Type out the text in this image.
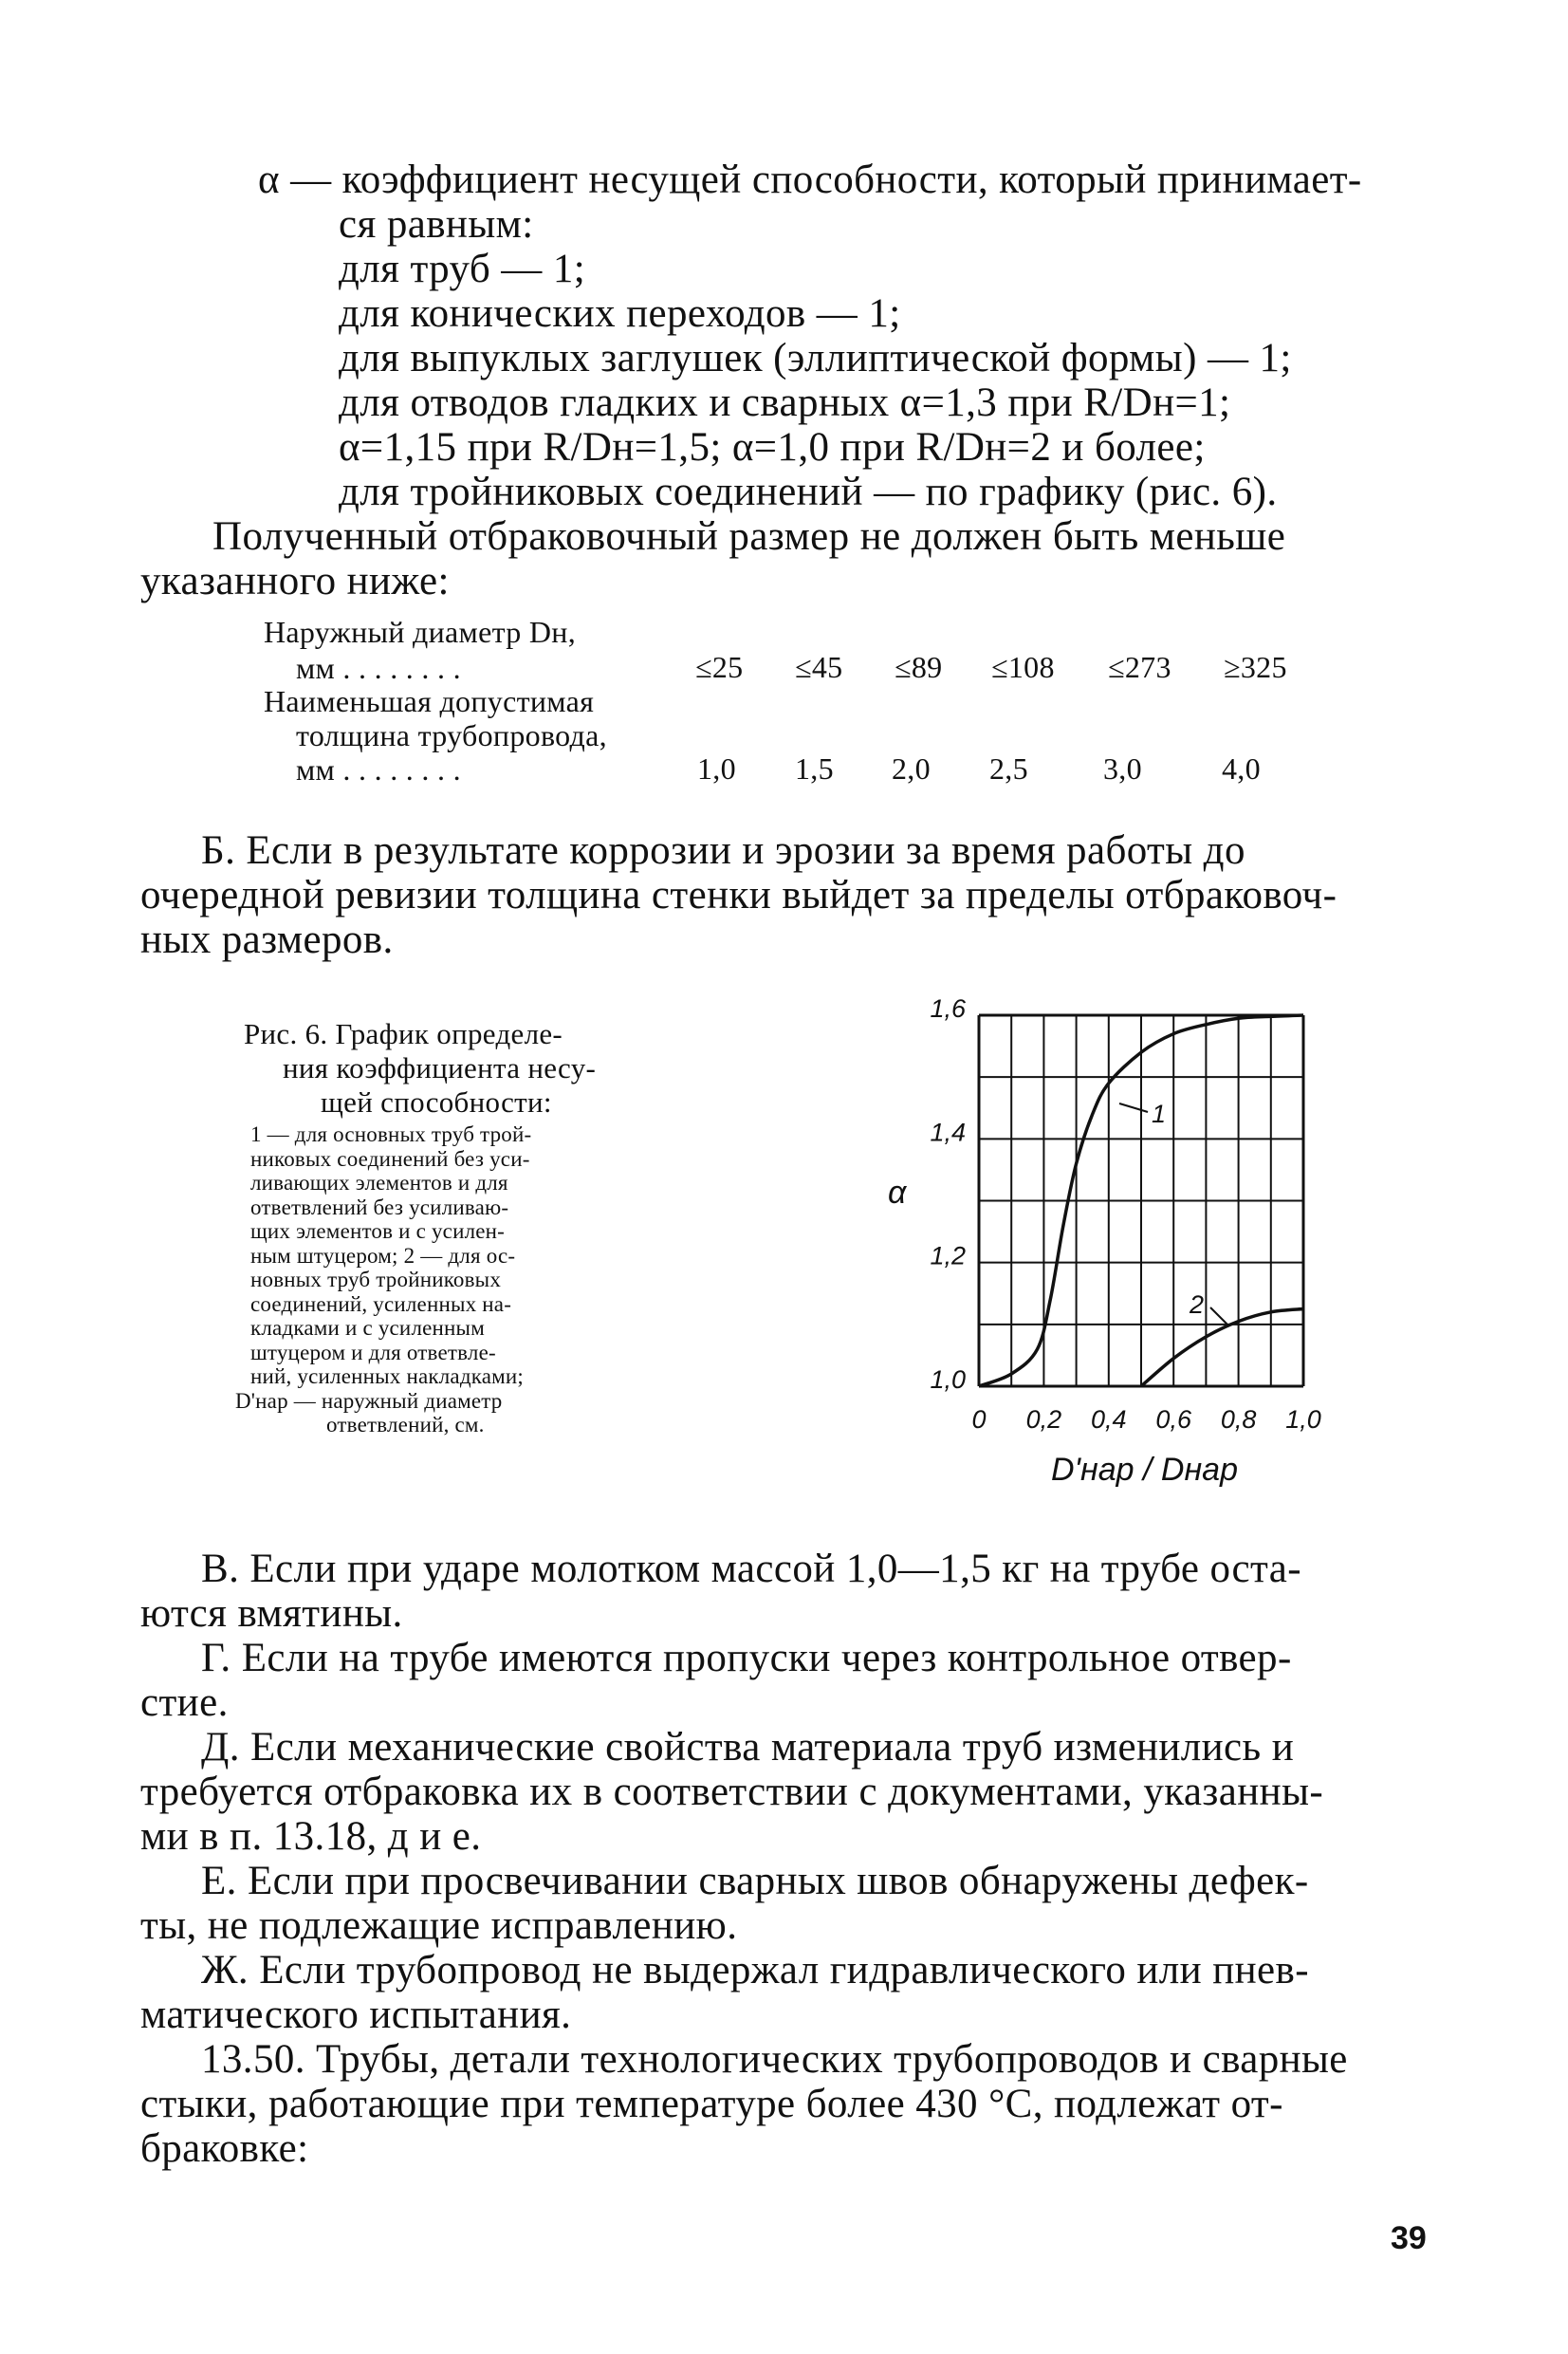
α — коэффициент несущей способности, который принимает-
ся равным:
для труб — 1;
для конических переходов — 1;
для выпуклых заглушек (эллиптической формы) — 1;
для отводов гладких и сварных α=1,3 при R/Dн=1;
α=1,15 при R/Dн=1,5; α=1,0 при R/Dн=2 и более;
для тройниковых соединений — по графику (рис. 6).
Полученный отбраковочный размер не должен быть меньше
указанного ниже:
Наружный диаметр Dн,
мм . . . . . . . .
Наименьшая допустимая
толщина трубопровода,
мм . . . . . . . .
≤25 ≤45 ≤89 ≤108 ≤273 ≥325
1,0 1,5 2,0 2,5 3,0	4,0
Б. Если в результате коррозии и эрозии за время работы до
очередной ревизии толщина стенки выйдет за пределы отбраковоч-
ных размеров.
Рис. 6. График определе-
ния коэффициента несу-
щей способности:
1 — для основных труб трой-
никовых соединений без уси-
ливающих элементов и для
ответвлений без усиливаю-
щих элементов и с усилен-
ным штуцером; 2 — для ос-
новных труб тройниковых
соединений, усиленных на-
кладками и с усиленным
штуцером и для ответвле-
ний, усиленных накладками;
D'нар — наружный диаметр
ответвлений, см.	0 0,2 0,4 0,6 0,8 1,0
1,0
1,2
1,4
1,6
α
D'нар / Dнар
1
2
В. Если при ударе молотком массой 1,0—1,5 кг на трубе оста-
ются вмятины.
Г. Если на трубе имеются пропуски через контрольное отвер-
стие.
Д. Если механические свойства материала труб изменились и
требуется отбраковка их в соответствии с документами, указанны-
ми в п. 13.18, д и е.
Е. Если при просвечивании сварных швов обнаружены дефек-
ты, не подлежащие исправлению.
Ж. Если трубопровод не выдержал гидравлического или пнев-
матического испытания.
13.50. Трубы, детали технологических трубопроводов и сварные
стыки, работающие при температуре более 430 °С, подлежат от-
браковке:
39
